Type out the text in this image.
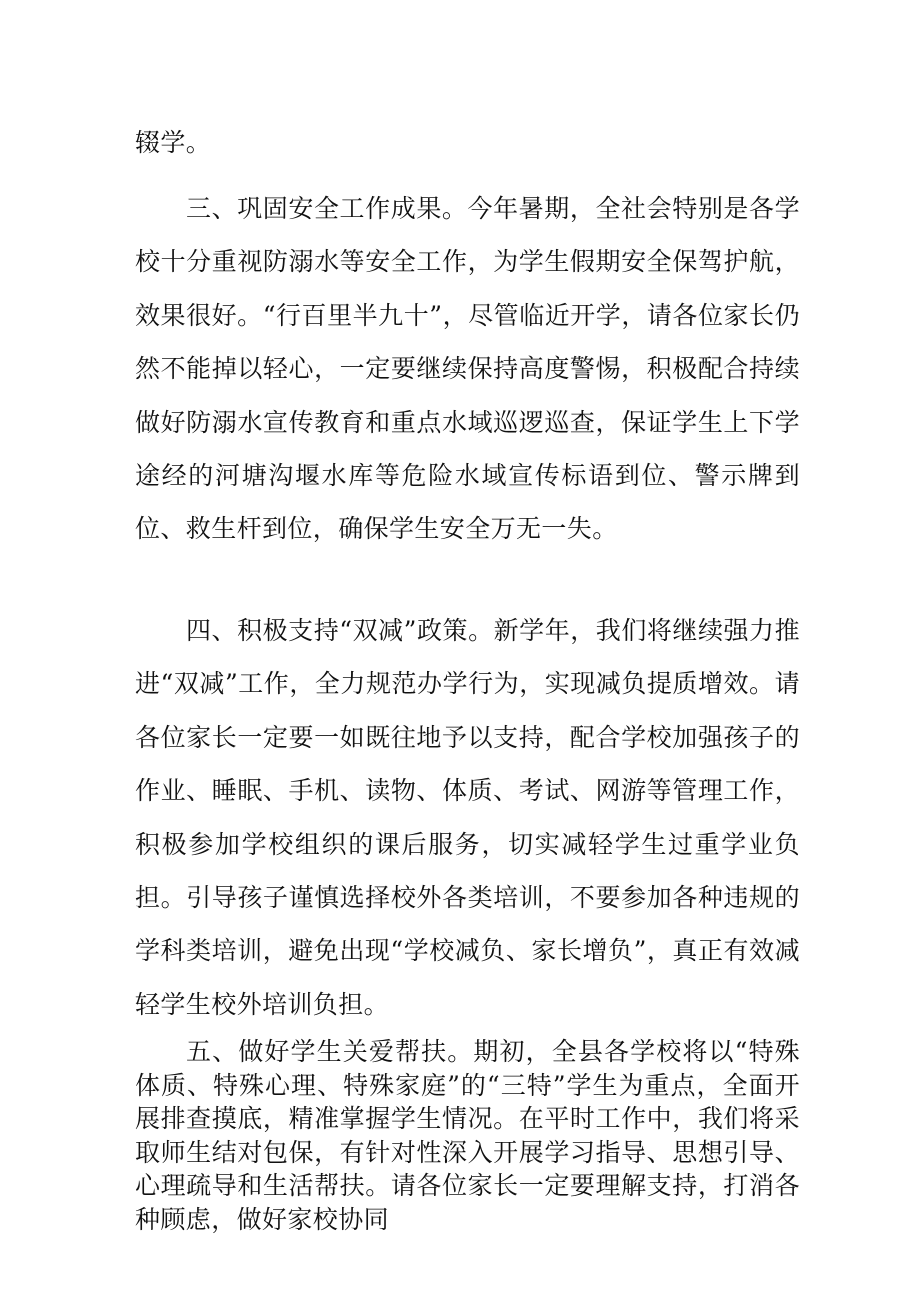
辍学。

三、巩固安全工作成果。今年暑期，全社会特别是各学校十分重视防溺水等安全工作，为学生假期安全保驾护航，效果很好。“行百里半九十”，尽管临近开学，请各位家长仍然不能掉以轻心，一定要继续保持高度警惕，积极配合持续做好防溺水宣传教育和重点水域巡逻巡查，保证学生上下学途经的河塘沟堰水库等危险水域宣传标语到位、警示牌到位、救生杆到位，确保学生安全万无一失。

四、积极支持“双减”政策。新学年，我们将继续强力推进“双减”工作，全力规范办学行为，实现减负提质增效。请各位家长一定要一如既往地予以支持，配合学校加强孩子的作业、睡眠、手机、读物、体质、考试、网游等管理工作，积极参加学校组织的课后服务，切实减轻学生过重学业负担。引导孩子谨慎选择校外各类培训，不要参加各种违规的学科类培训，避免出现“学校减负、家长增负”，真正有效减轻学生校外培训负担。

五、做好学生关爱帮扶。期初，全县各学校将以“特殊体质、特殊心理、特殊家庭”的“三特”学生为重点，全面开展排查摸底，精准掌握学生情况。在平时工作中，我们将采取师生结对包保，有针对性深入开展学习指导、思想引导、心理疏导和生活帮扶。请各位家长一定要理解支持，打消各种顾虑，做好家校协同
